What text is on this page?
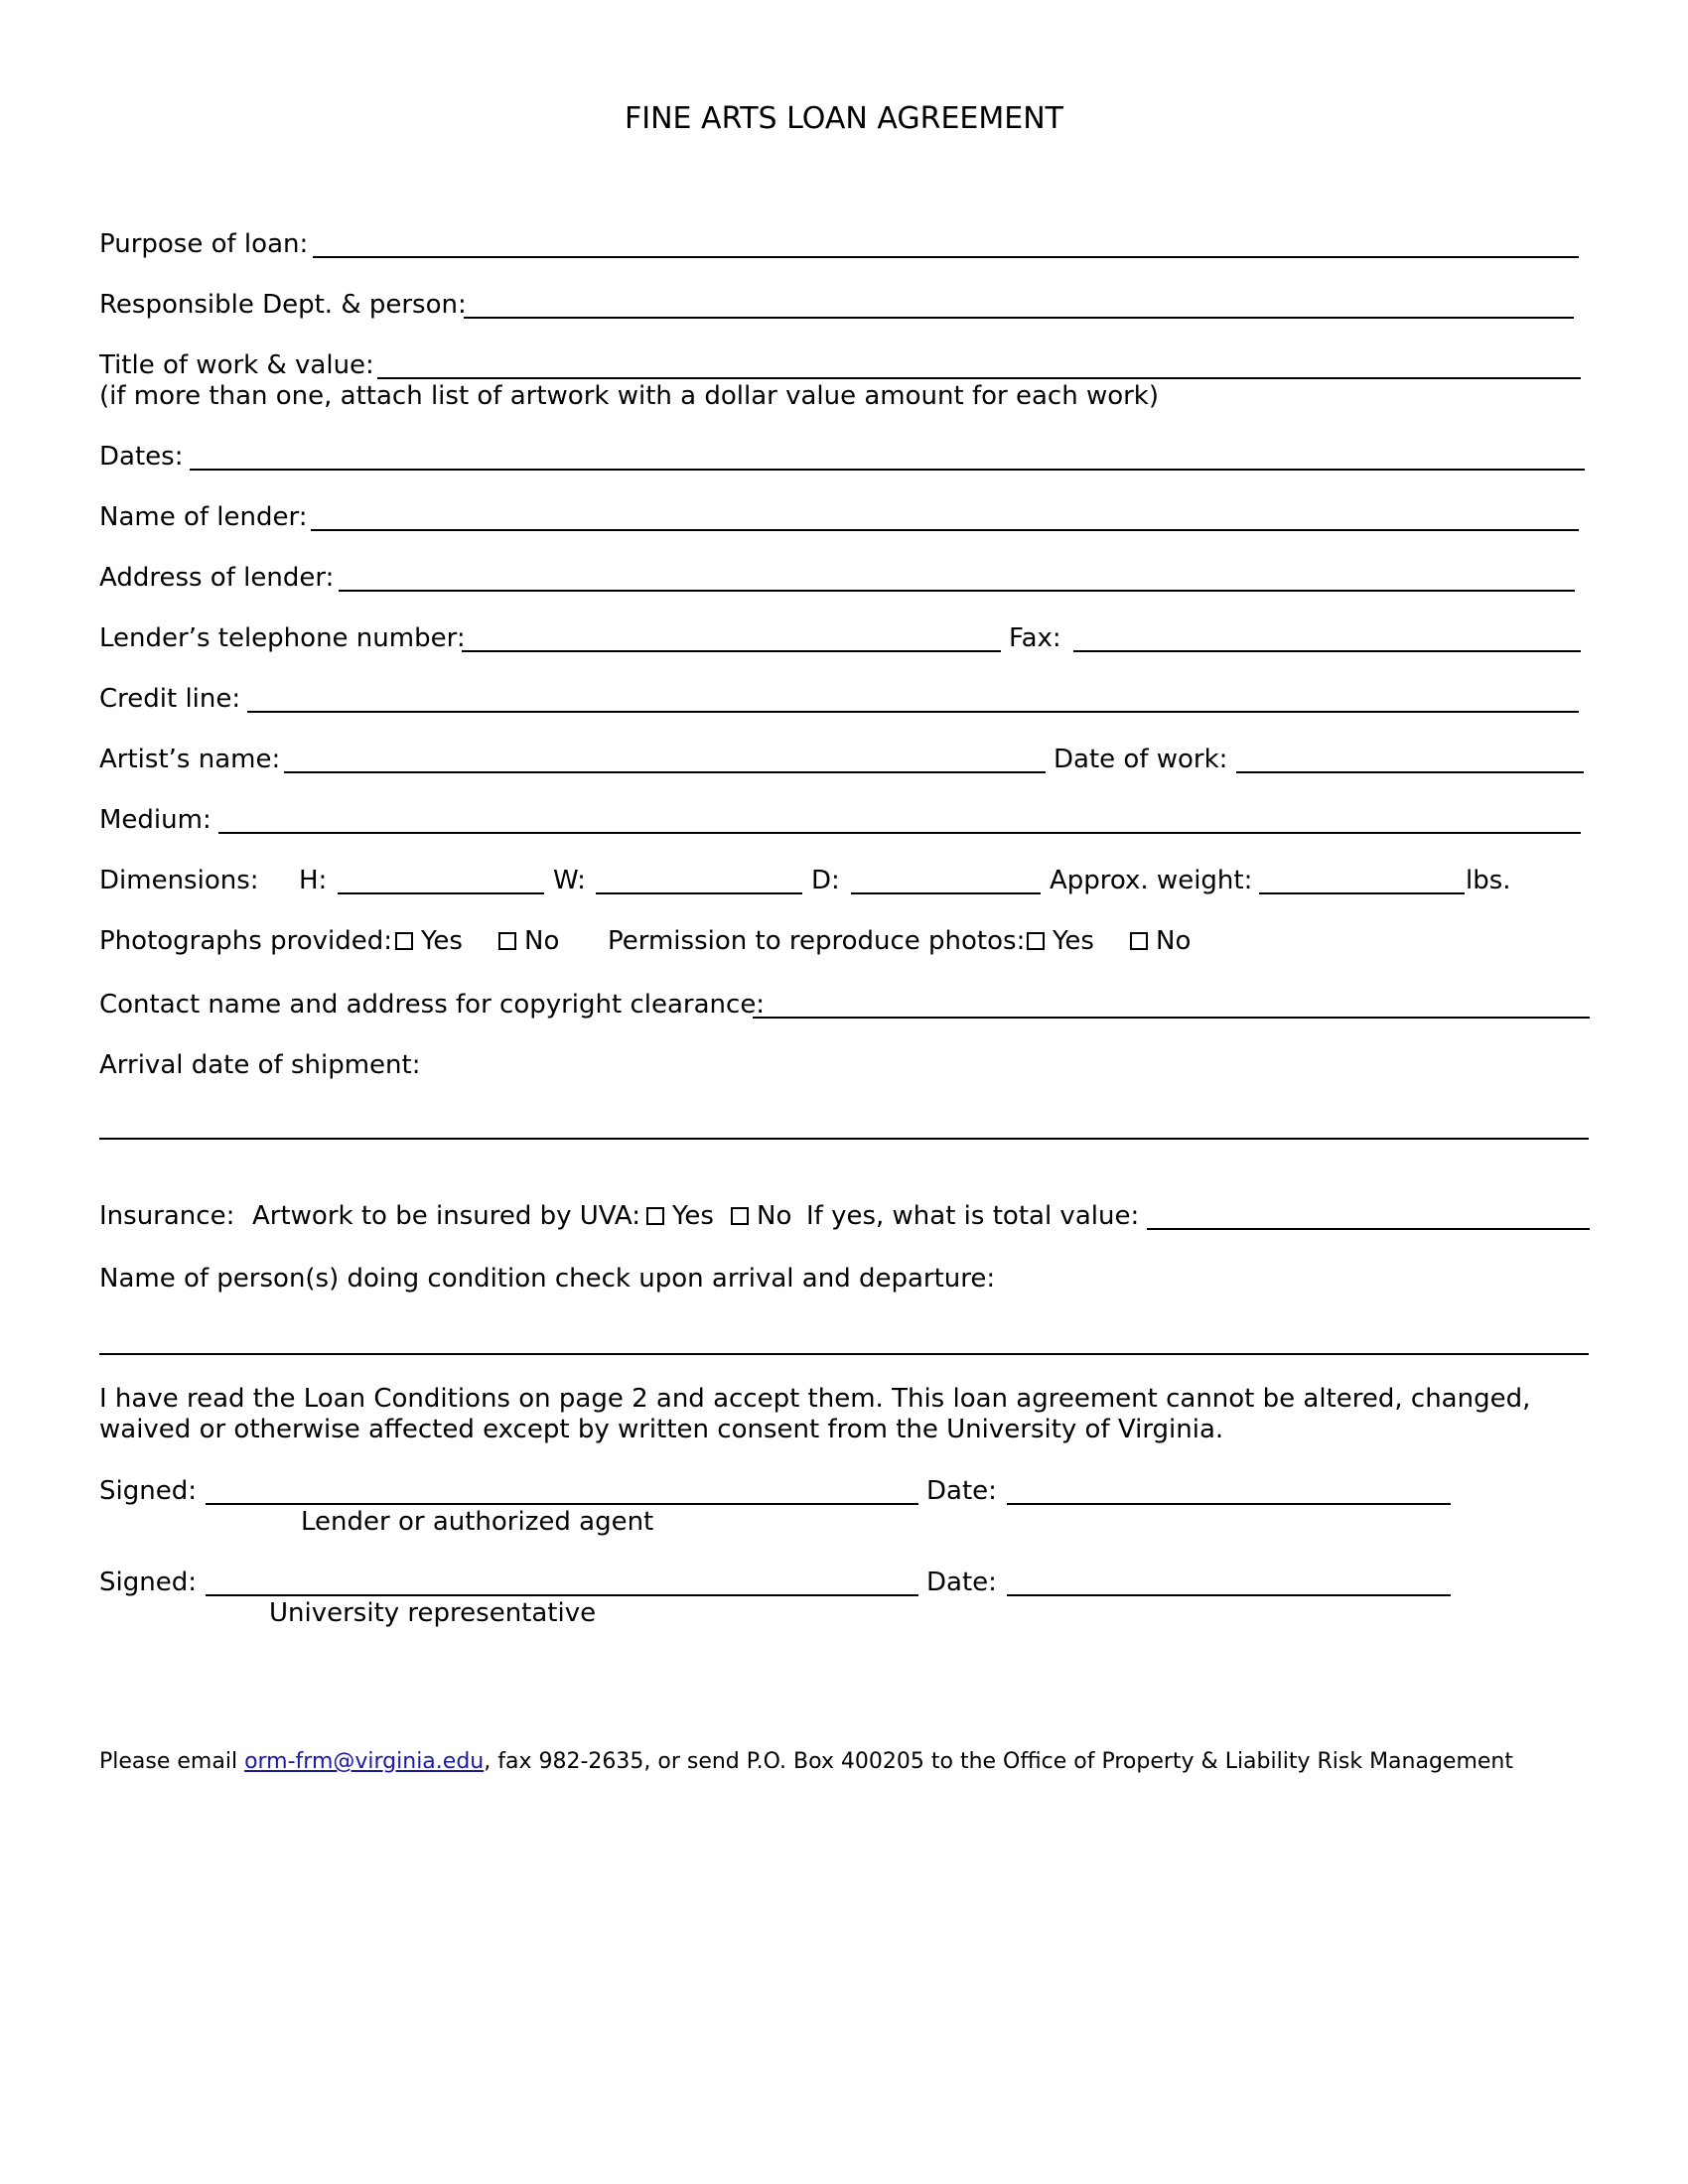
FINE ARTS LOAN AGREEMENT
Purpose of loan:
Responsible Dept. & person:
Title of work & value:
(if more than one, attach list of artwork with a dollar value amount for each work)
Dates:
Name of lender:
Address of lender:
Lender’s telephone number:	Fax:
Credit line:
Artist’s name:	Date of work:
Medium:
Dimensions: H:	W:	D:	Approx. weight:	lbs.
Photographs provided:	Yes	No Permission to reproduce photos:	Yes	No
Contact name and address for copyright clearance:
Arrival date of shipment:
Insurance: Artwork to be insured by UVA:	Yes	No If yes, what is total value:
Name of person(s) doing condition check upon arrival and departure:
I have read the Loan Conditions on page 2 and accept them. This loan agreement cannot be altered, changed, waived or otherwise affected except by written consent from the University of Virginia.
Signed:	Date:
Lender or authorized agent
Signed:	Date:
University representative
Please email orm-frm@virginia.edu, fax 982-2635, or send P.O. Box 400205 to the Office of Property & Liability Risk Management
